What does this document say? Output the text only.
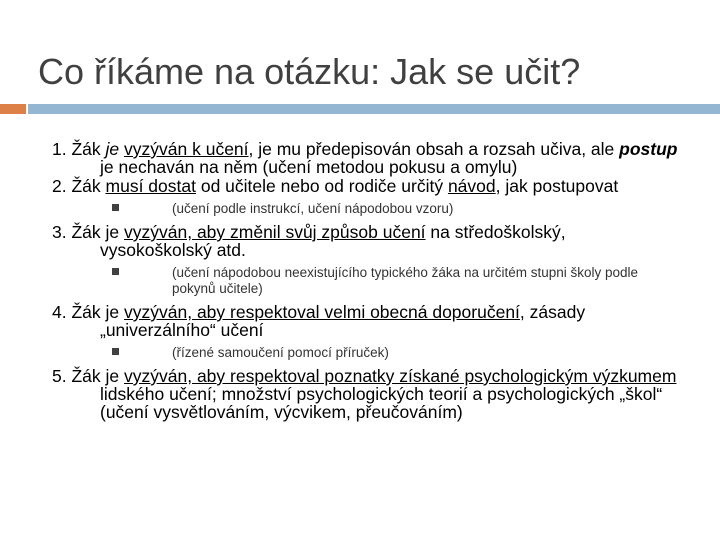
Co říkáme na otázku: Jak se učit?

1. Žák je vyzýván k učení, je mu předepisován obsah a rozsah učiva, ale postup je nechaván na něm (učení metodou pokusu a omylu)

2. Žák musí dostat od učitele nebo od rodiče určitý návod, jak postupovat

(učení podle instrukcí, učení nápodobou vzoru)

3. Žák je vyzýván, aby změnil svůj způsob učení na středoškolský, vysokoškolský atd.

(učení nápodobou neexistujícího typického žáka na určitém stupni školy podle pokynů učitele)

4. Žák je vyzýván, aby respektoval velmi obecná doporučení, zásady „univerzálního“ učení

(řízené samoučení pomocí příruček)

5. Žák je vyzýván, aby respektoval poznatky získané psychologickým výzkumem lidského učení; množství psychologických teorií a psychologických „škol“ (učení vysvětlováním, výcvikem, přeučováním)
